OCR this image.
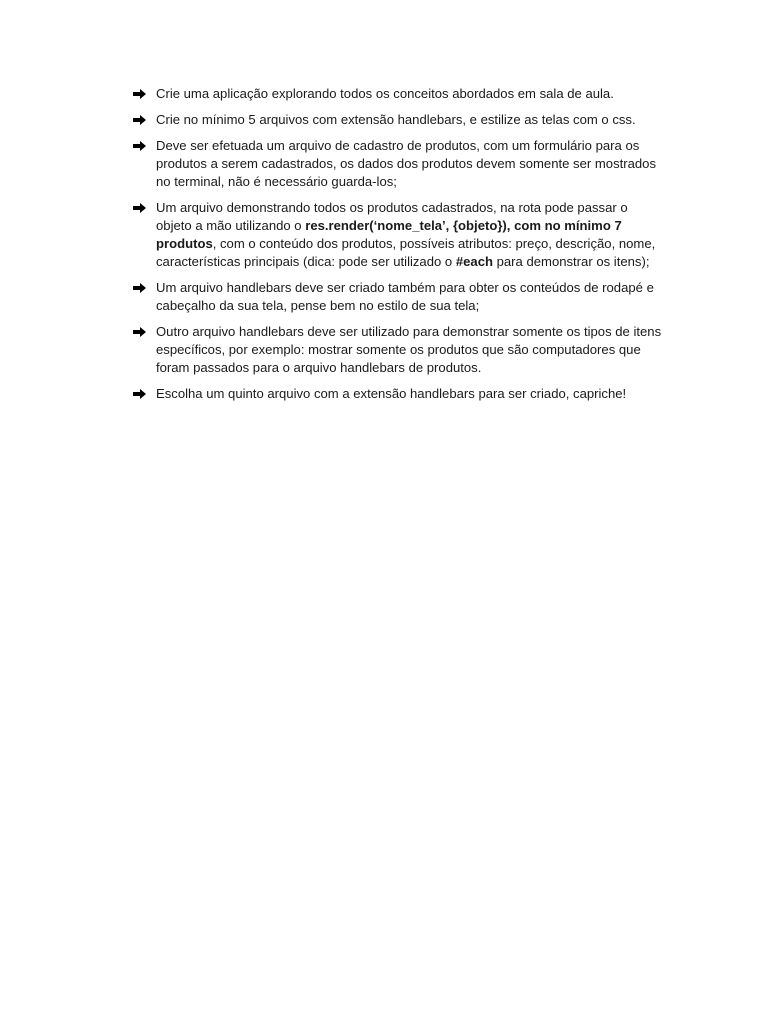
Crie uma aplicação explorando todos os conceitos abordados em sala de aula.
Crie no mínimo 5 arquivos com extensão handlebars, e estilize as telas com o css.
Deve ser efetuada um arquivo de cadastro de produtos, com um formulário para os produtos a serem cadastrados, os dados dos produtos devem somente ser mostrados no terminal, não é necessário guarda-los;
Um arquivo demonstrando todos os produtos cadastrados, na rota pode passar o objeto a mão utilizando o res.render(‘nome_tela’, {objeto}), com no mínimo 7 produtos, com o conteúdo dos produtos, possíveis atributos: preço, descrição, nome, características principais (dica: pode ser utilizado o #each para demonstrar os itens);
Um arquivo handlebars deve ser criado também para obter os conteúdos de rodapé e cabeçalho da sua tela, pense bem no estilo de sua tela;
Outro arquivo handlebars deve ser utilizado para demonstrar somente os tipos de itens específicos, por exemplo: mostrar somente os produtos que são computadores que foram passados para o arquivo handlebars de produtos.
Escolha um quinto arquivo com a extensão handlebars para ser criado, capriche!
